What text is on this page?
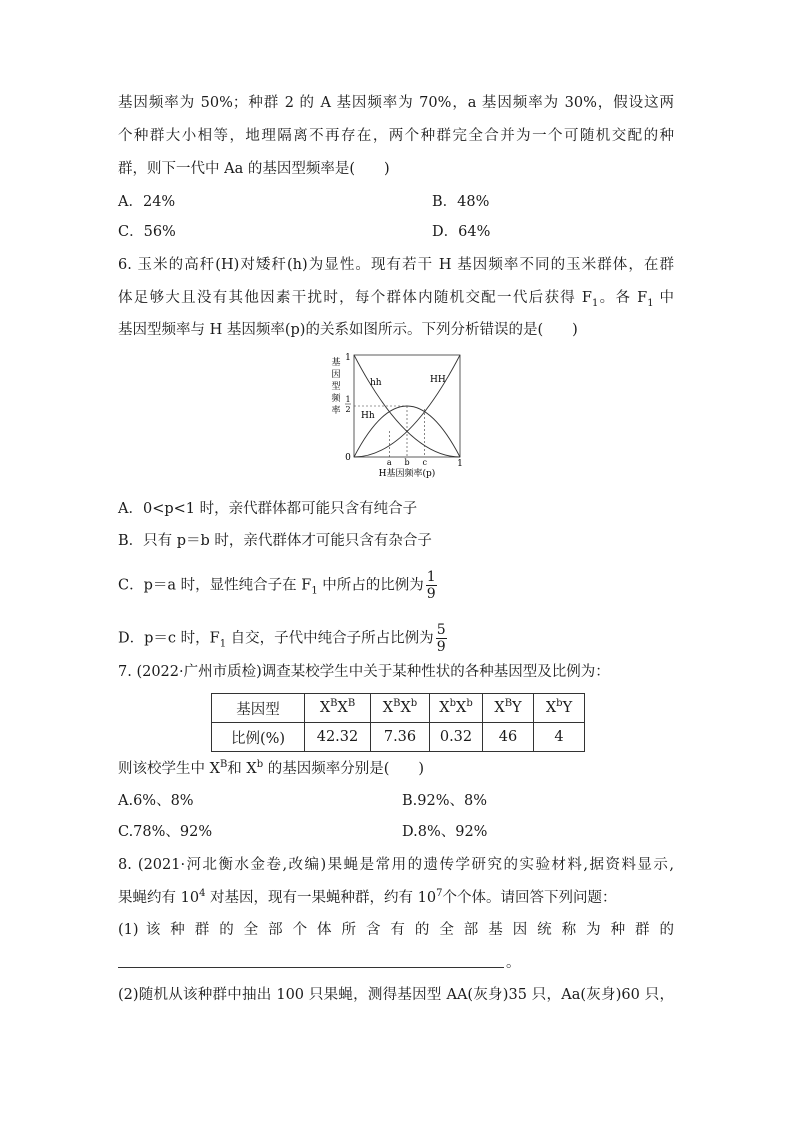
基因频率为 50%；种群 2 的 A 基因频率为 70%，a 基因频率为 30%，假设这两
个种群大小相等，地理隔离不再存在，两个种群完全合并为一个可随机交配的种
群，则下一代中 Aa 的基因型频率是(　　)
A．24%	B．48%
C．56%	D．64%
6. 玉米的高秆(H)对矮秆(h)为显性。现有若干 H 基因频率不同的玉米群体，在群
体足够大且没有其他因素干扰时，每个群体内随机交配一代后获得 $F_1$。各 $F_1$ 中
基因型频率与 H 基因频率(p)的关系如图所示。下列分析错误的是(　　)
基
因
型
频
率
1
1
2
0
1
hh	HH
Hh
a b c
H基因频率(p)
A．0<p<1 时，亲代群体都可能只含有纯合子
B．只有 p＝b 时，亲代群体才可能只含有杂合子
C．p＝a 时，显性纯合子在 $F_1$ 中所占的比例为 $\frac{1}{9}$
D．p＝c 时，$F_1$ 自交，子代中纯合子所占比例为 $\frac{5}{9}$
7. (2022·广州市质检)调查某校学生中关于某种性状的各种基因型及比例为：
基因型	$X^BX^B$	$X^BX^b$	$X^bX^b$	$X^BY$	$X^bY$
比例(%)	42.32	7.36	0.32	46	4
则该校学生中 $X^B$和 $X^b$ 的基因频率分别是(　　)
A.6%、8%	B.92%、8%
C.78%、92%	D.8%、92%
8. (2021·河北衡水金卷,改编)果蝇是常用的遗传学研究的实验材料,据资料显示,
果蝇约有 $10^4$ 对基因，现有一果蝇种群，约有 $10^7$个个体。请回答下列问题：
(1) 该 种 群 的 全 部 个 体 所 含 有 的 全 部 基 因 统 称 为 种 群 的
。
(2)随机从该种群中抽出 100 只果蝇，测得基因型 AA(灰身)35 只，Aa(灰身)60 只，
